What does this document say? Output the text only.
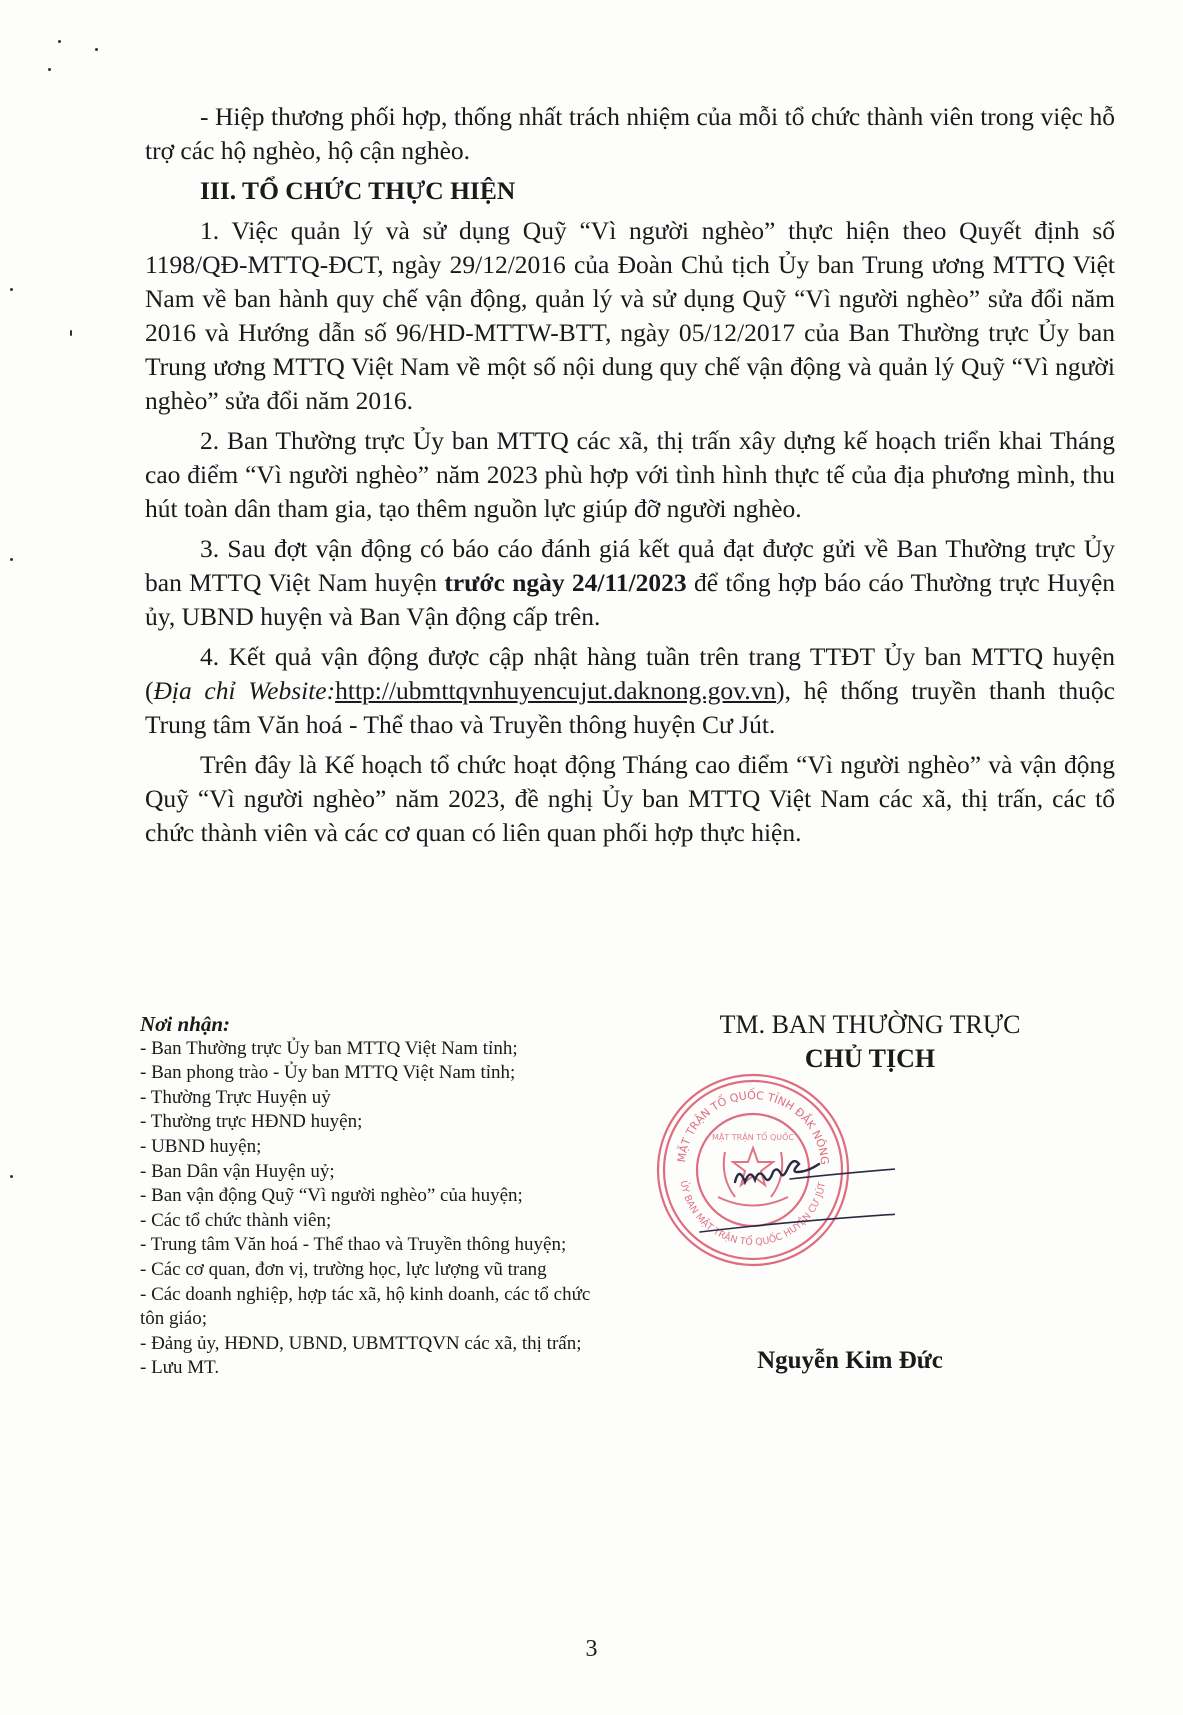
- Hiệp thương phối hợp, thống nhất trách nhiệm của mỗi tổ chức thành viên trong việc hỗ trợ các hộ nghèo, hộ cận nghèo.

III. TỔ CHỨC THỰC HIỆN

1. Việc quản lý và sử dụng Quỹ “Vì người nghèo” thực hiện theo Quyết định số 1198/QĐ-MTTQ-ĐCT, ngày 29/12/2016 của Đoàn Chủ tịch Ủy ban Trung ương MTTQ Việt Nam về ban hành quy chế vận động, quản lý và sử dụng Quỹ “Vì người nghèo” sửa đổi năm 2016 và Hướng dẫn số 96/HD-MTTW-BTT, ngày 05/12/2017 của Ban Thường trực Ủy ban Trung ương MTTQ Việt Nam về một số nội dung quy chế vận động và quản lý Quỹ “Vì người nghèo” sửa đổi năm 2016.

2. Ban Thường trực Ủy ban MTTQ các xã, thị trấn xây dựng kế hoạch triển khai Tháng cao điểm “Vì người nghèo” năm 2023 phù hợp với tình hình thực tế của địa phương mình, thu hút toàn dân tham gia, tạo thêm nguồn lực giúp đỡ người nghèo.

3. Sau đợt vận động có báo cáo đánh giá kết quả đạt được gửi về Ban Thường trực Ủy ban MTTQ Việt Nam huyện trước ngày 24/11/2023 để tổng hợp báo cáo Thường trực Huyện ủy, UBND huyện và Ban Vận động cấp trên.

4. Kết quả vận động được cập nhật hàng tuần trên trang TTĐT Ủy ban MTTQ huyện (Địa chỉ Website:http://ubmttqvnhuyencujut.daknong.gov.vn), hệ thống truyền thanh thuộc Trung tâm Văn hoá - Thể thao và Truyền thông huyện Cư Jút.

Trên đây là Kế hoạch tổ chức hoạt động Tháng cao điểm “Vì người nghèo” và vận động Quỹ “Vì người nghèo” năm 2023, đề nghị Ủy ban MTTQ Việt Nam các xã, thị trấn, các tổ chức thành viên và các cơ quan có liên quan phối hợp thực hiện.

Nơi nhận:
- Ban Thường trực Ủy ban MTTQ Việt Nam tỉnh;
- Ban phong trào - Ủy ban MTTQ Việt Nam tỉnh;
- Thường Trực Huyện uỷ
- Thường trực HĐND huyện;
- UBND huyện;
- Ban Dân vận Huyện uỷ;
- Ban vận động Quỹ “Vì người nghèo” của huyện;
- Các tổ chức thành viên;
- Trung tâm Văn hoá - Thể thao và Truyền thông huyện;
- Các cơ quan, đơn vị, trường học, lực lượng vũ trang
- Các doanh nghiệp, hợp tác xã, hộ kinh doanh, các tổ chức tôn giáo;
- Đảng ủy, HĐND, UBND, UBMTTQVN các xã, thị trấn;
- Lưu MT.
TM. BAN THƯỜNG TRỰC
CHỦ TỊCH
MẶT TRẬN TỔ QUỐC TỈNH ĐẮK NÔNG
ỦY BAN MẶT TRẬN TỔ QUỐC HUYỆN CƯ JÚT
MẶT TRẬN TỔ QUỐC
Nguyễn Kim Đức
3
